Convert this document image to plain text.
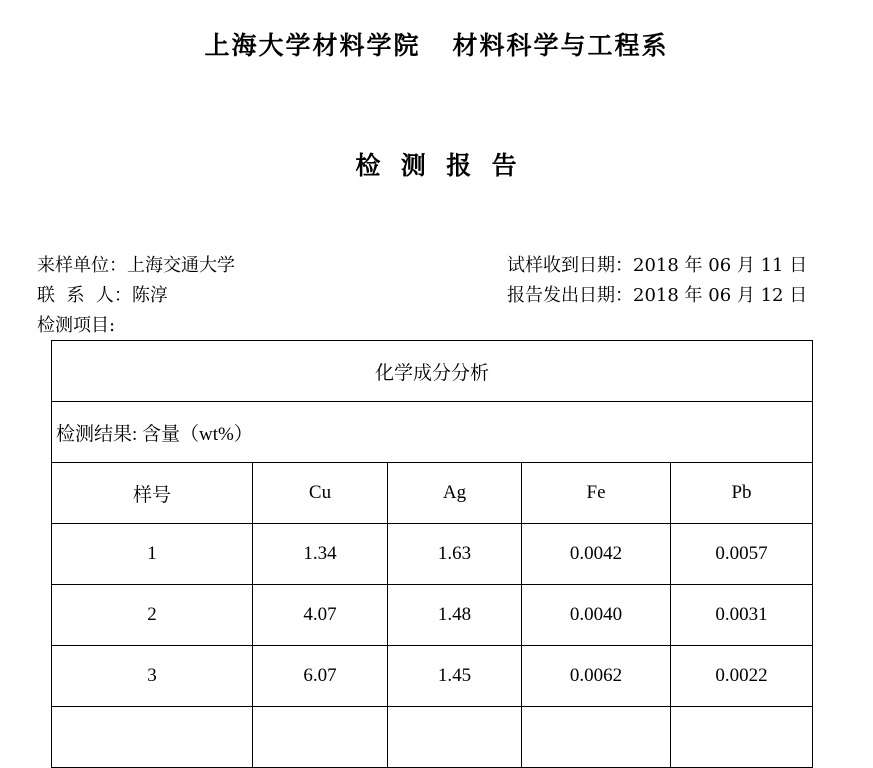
上海大学材料学院   材料科学与工程系
检  测  报  告
来样单位：上海交通大学
联  系  人：陈淳
检测项目:
试样收到日期：2018 年 06 月 11 日
报告发出日期：2018 年 06 月 12 日
化学成分分析				
检测结果: 含量（wt%）				
样号	Cu	Ag	Fe	Pb
1	1.34	1.63	0.0042	0.0057
2	4.07	1.48	0.0040	0.0031
3	6.07	1.45	0.0062	0.0022
